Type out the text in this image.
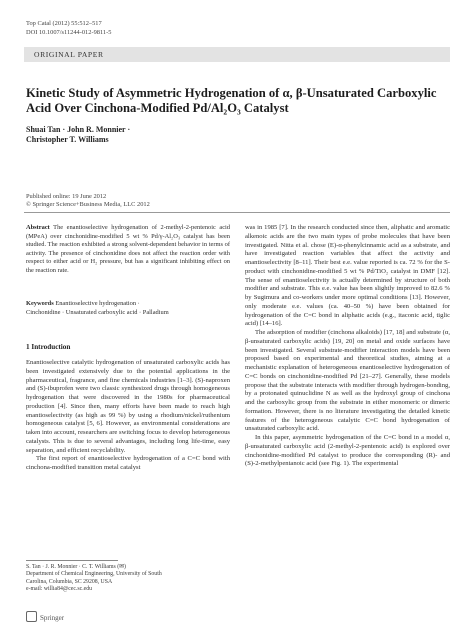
Top Catal (2012) 55:512–517
DOI 10.1007/s11244-012-9811-5
ORIGINAL PAPER
Kinetic Study of Asymmetric Hydrogenation of α, β-Unsaturated Carboxylic Acid Over Cinchona-Modified Pd/Al₂O₃ Catalyst
Shuai Tan · John R. Monnier ·
Christopher T. Williams
Published online: 19 June 2012
© Springer Science+Business Media, LLC 2012
Abstract The enantioselective hydrogenation of 2-methyl-2-pentenoic acid (MPeA) over cinchonidine-modified 5 wt % Pd/γ-Al₂O₃ catalyst has been studied. The reaction exhibited a strong solvent-dependent behavior in terms of activity. The presence of cinchonidine does not affect the reaction order with respect to either acid or H₂ pressure, but has a significant inhibiting effect on the reaction rate.
Keywords Enantioselective hydrogenation ·
Cinchonidine · Unsaturated carboxylic acid · Palladium
1 Introduction

Enantioselective catalytic hydrogenation of unsaturated carboxylic acids has been investigated extensively due to the potential applications in the pharmaceutical, fragrance, and fine chemicals industries [1–3]. (S)-naproxen and (S)-ibuprofen were two classic synthesized drugs through homogeneous hydrogenation that were discovered in the 1980s for pharmaceutical production [4]. Since then, many efforts have been made to reach high enantioselectivity (as high as 99 %) by using a rhodium/nickel/ruthenium homogeneous catalyst [5, 6]. However, as environmental considerations are taken into account, researchers are switching focus to develop heterogeneous catalysts. This is due to several advantages, including long life-time, easy separation, and efficient recyclability.

The first report of enantioselective hydrogenation of a C=C bond with cinchona-modified transition metal catalyst

S. Tan · J. R. Monnier · C. T. Williams (✉)
Department of Chemical Engineering, University of South
Carolina, Columbia, SC 29208, USA
e-mail: willia84@cec.sc.edu
Springer

was in 1985 [7]. In the research conducted since then, aliphatic and aromatic alkenoic acids are the two main types of probe molecules that have been investigated. Nitta et al. chose (E)-α-phenylcinnamic acid as a substrate, and have investigated reaction variables that affect the activity and enantioselectivity [8–11]. Their best e.e. value reported is ca. 72 % for the S-product with cinchonidine-modified 5 wt % Pd/TiO₂ catalyst in DMF [12]. The sense of enantioselectivity is actually determined by structure of both modifier and substrate. This e.e. value has been slightly improved to 82.6 % by Sugimura and co-workers under more optimal conditions [13]. However, only moderate e.e. values (ca. 40–50 %) have been obtained for hydrogenation of the C=C bond in aliphatic acids (e.g., itaconic acid, tiglic acid) [14–16].

The adsorption of modifier (cinchona alkaloids) [17, 18] and substrate (α, β-unsaturated carboxylic acids) [19, 20] on metal and oxide surfaces have been investigated. Several substrate-modifier interaction models have been proposed based on experimental and theoretical studies, aiming at a mechanistic explanation of heterogeneous enantioselective hydrogenation of C=C bonds on cinchonidine-modified Pd [21–27]. Generally, these models propose that the substrate interacts with modifier through hydrogen-bonding, by a protonated quinuclidine N as well as the hydroxyl group of cinchona and the carboxylic group from the substrate in either monomeric or dimeric formation. However, there is no literature investigating the detailed kinetic features of the heterogeneous catalytic C=C bond hydrogenation of unsaturated carboxylic acid.

In this paper, asymmetric hydrogenation of the C=C bond in a model α, β-unsaturated carboxylic acid (2-methyl-2-pentenoic acid) is explored over cinchonidine-modified Pd catalyst to produce the corresponding (R)- and (S)-2-methylpentanoic acid (see Fig. 1). The experimental
